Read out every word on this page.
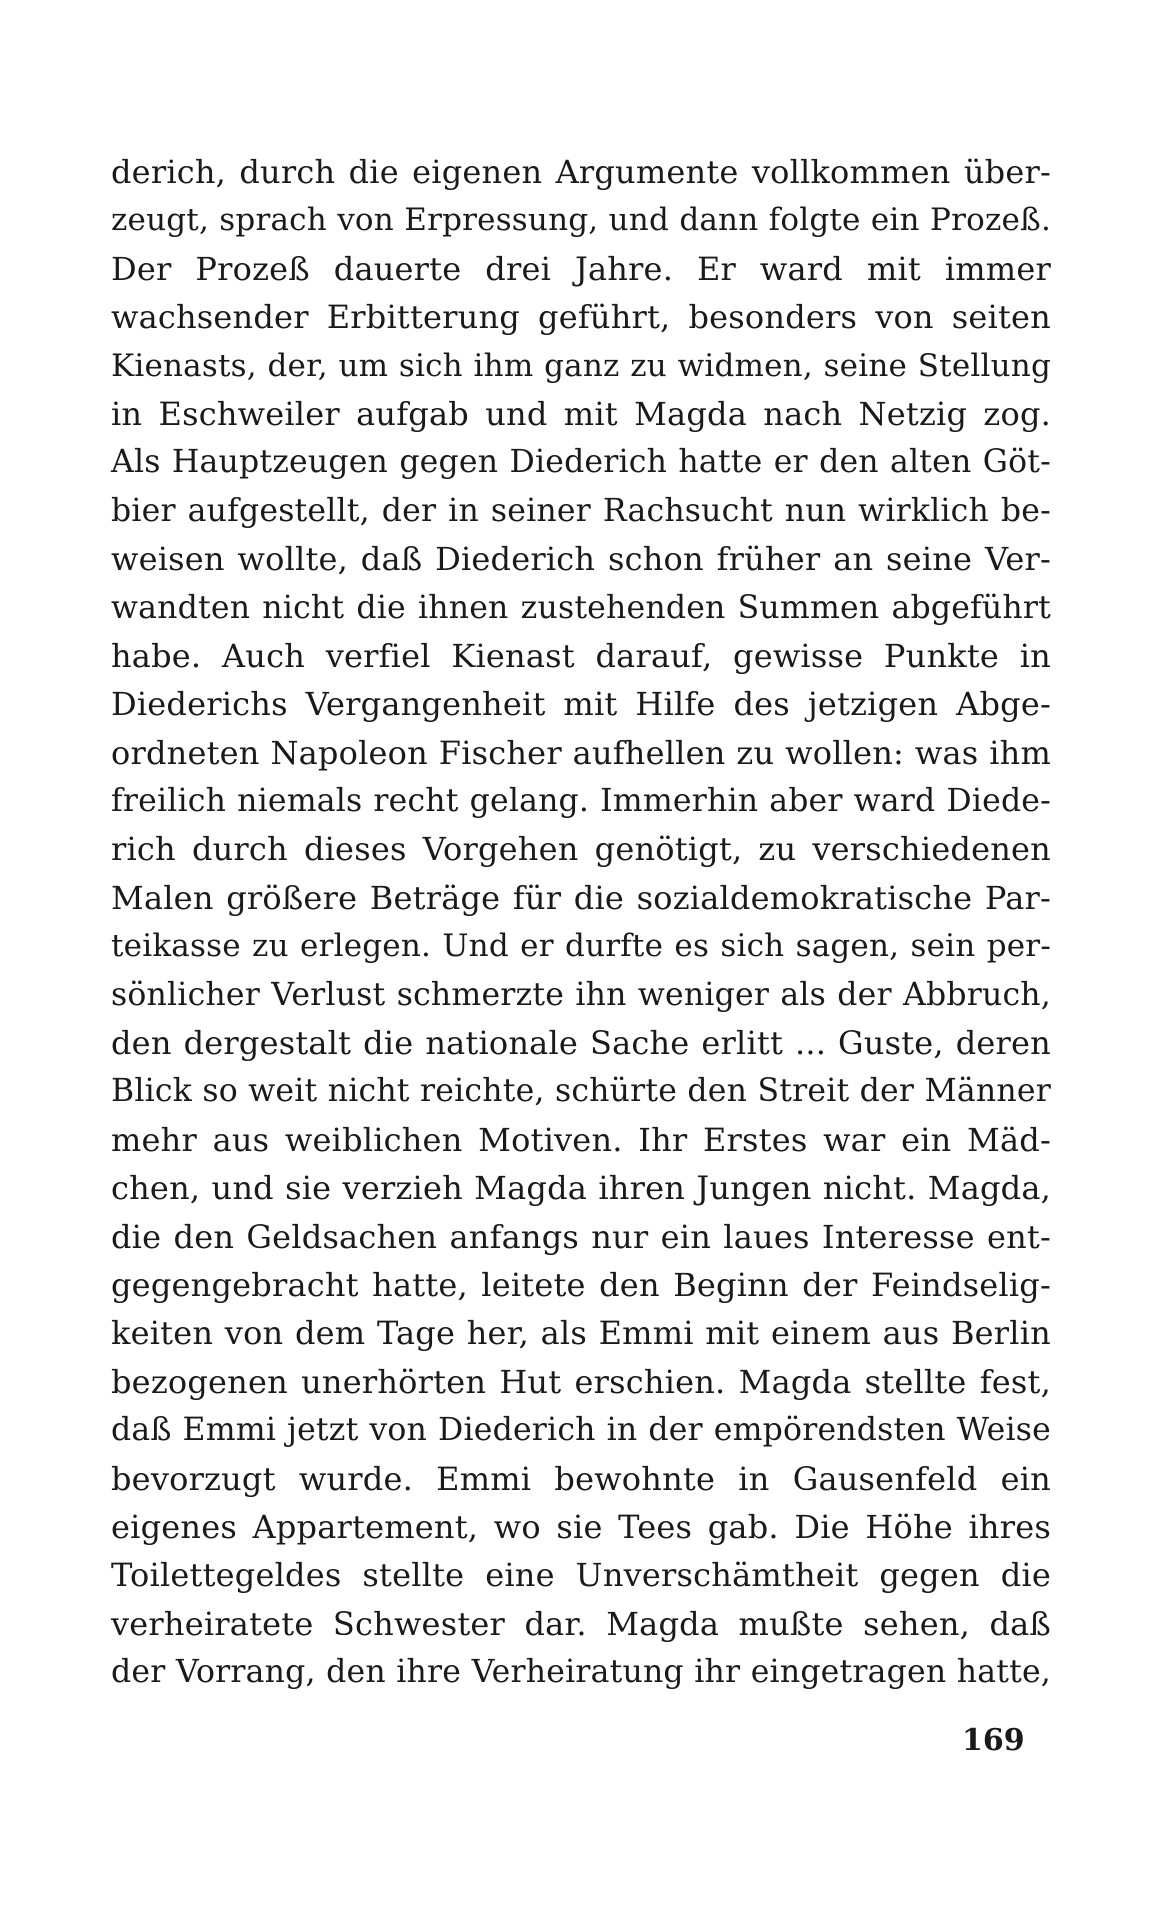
derich, durch die eigenen Argumente vollkommen über-
zeugt, sprach von Erpressung, und dann folgte ein Prozeß.
Der Prozeß dauerte drei Jahre. Er ward mit immer
wachsender Erbitterung geführt, besonders von seiten
Kienasts, der, um sich ihm ganz zu widmen, seine Stellung
in Eschweiler aufgab und mit Magda nach Netzig zog.
Als Hauptzeugen gegen Diederich hatte er den alten Göt-
bier aufgestellt, der in seiner Rachsucht nun wirklich be-
weisen wollte, daß Diederich schon früher an seine Ver-
wandten nicht die ihnen zustehenden Summen abgeführt
habe. Auch verfiel Kienast darauf, gewisse Punkte in
Diederichs Vergangenheit mit Hilfe des jetzigen Abge-
ordneten Napoleon Fischer aufhellen zu wollen: was ihm
freilich niemals recht gelang. Immerhin aber ward Diede-
rich durch dieses Vorgehen genötigt, zu verschiedenen
Malen größere Beträge für die sozialdemokratische Par-
teikasse zu erlegen. Und er durfte es sich sagen, sein per-
sönlicher Verlust schmerzte ihn weniger als der Abbruch,
den dergestalt die nationale Sache erlitt ... Guste, deren
Blick so weit nicht reichte, schürte den Streit der Männer
mehr aus weiblichen Motiven. Ihr Erstes war ein Mäd-
chen, und sie verzieh Magda ihren Jungen nicht. Magda,
die den Geldsachen anfangs nur ein laues Interesse ent-
gegengebracht hatte, leitete den Beginn der Feindselig-
keiten von dem Tage her, als Emmi mit einem aus Berlin
bezogenen unerhörten Hut erschien. Magda stellte fest,
daß Emmi jetzt von Diederich in der empörendsten Weise
bevorzugt wurde. Emmi bewohnte in Gausenfeld ein
eigenes Appartement, wo sie Tees gab. Die Höhe ihres
Toilettegeldes stellte eine Unverschämtheit gegen die
verheiratete Schwester dar. Magda mußte sehen, daß
der Vorrang, den ihre Verheiratung ihr eingetragen hatte,
169
